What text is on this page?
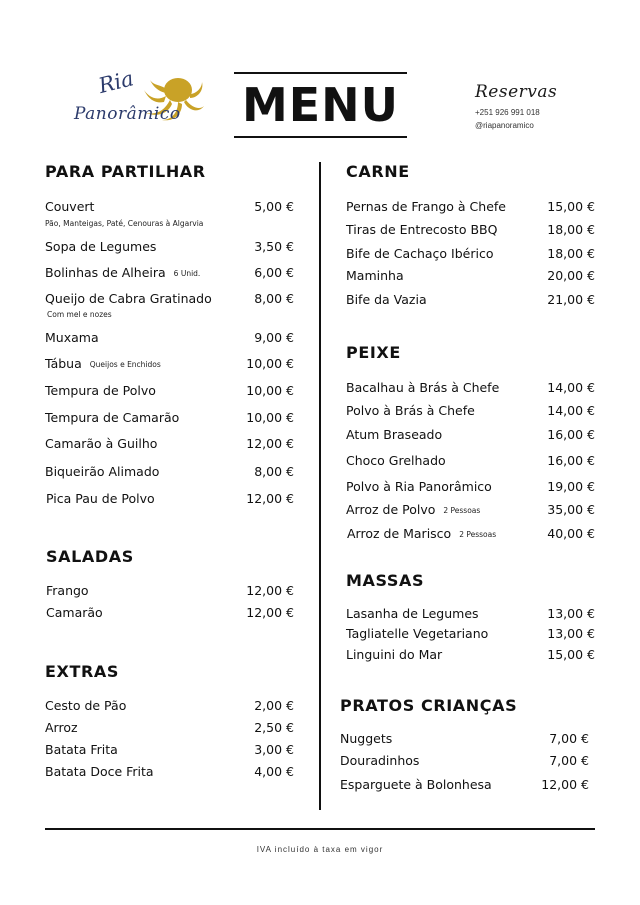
Ria
Panorâmico MENU	Reservas
+251 926 991 018
@riapanoramico
PARA PARTILHAR
Couvert	5,00 €
Pão, Manteigas, Paté, Cenouras à Algarvia
Sopa de Legumes	3,50 €
Bolinhas de Alheira 6 Unid.	6,00 €
Queijo de Cabra Gratinado	8,00 €
Com mel e nozes
Muxama	9,00 €
Tábua Queijos e Enchidos	10,00 €
Tempura de Polvo	10,00 €
Tempura de Camarão	10,00 €
Camarão à Guilho	12,00 €
Biqueirão Alimado	8,00 €
Pica Pau de Polvo	12,00 €
SALADAS
Frango	12,00 €
Camarão	12,00 €
EXTRAS
Cesto de Pão	2,00 €
Arroz	2,50 €
Batata Frita	3,00 €
Batata Doce Frita	4,00 €
CARNE
Pernas de Frango à Chefe	15,00 €
Tiras de Entrecosto BBQ	18,00 €
Bife de Cachaço Ibérico	18,00 €
Maminha	20,00 €
Bife da Vazia	21,00 €
PEIXE
Bacalhau à Brás à Chefe	14,00 €
Polvo à Brás à Chefe	14,00 €
Atum Braseado	16,00 €
Choco Grelhado	16,00 €
Polvo à Ria Panorâmico	19,00 €
Arroz de Polvo 2 Pessoas	35,00 €
Arroz de Marisco 2 Pessoas	40,00 €
MASSAS
Lasanha de Legumes	13,00 €
Tagliatelle Vegetariano	13,00 €
Linguini do Mar	15,00 €
PRATOS CRIANÇAS
Nuggets	7,00 €
Douradinhos	7,00 €
Esparguete à Bolonhesa	12,00 €
IVA incluído à taxa em vigor
